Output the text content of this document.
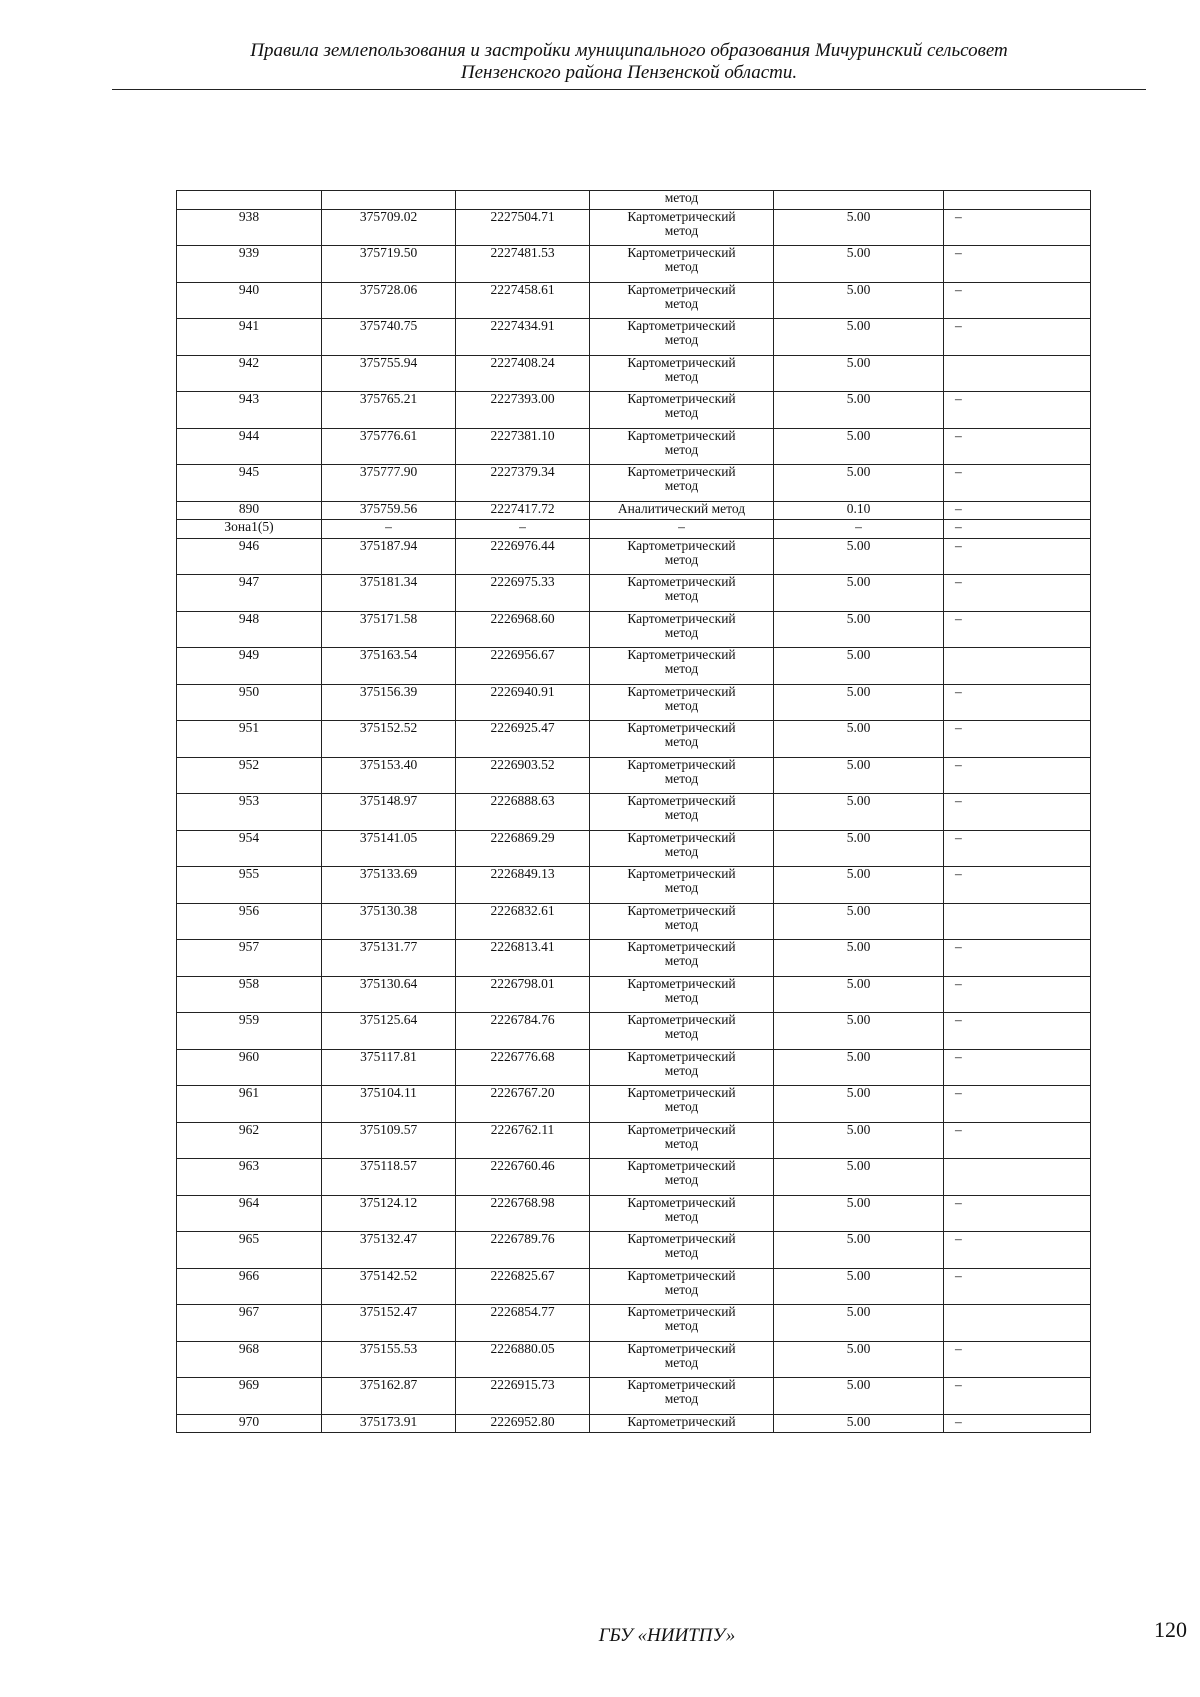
Правила землепользования и застройки муниципального образования Мичуринский сельсовет
Пензенского района Пензенской области.
			метод		

938	375709.02	2227504.71	Картометрический
метод	5.00	–

939	375719.50	2227481.53	Картометрический
метод	5.00	–

940	375728.06	2227458.61	Картометрический
метод	5.00	–

941	375740.75	2227434.91	Картометрический
метод	5.00	–

942	375755.94	2227408.24	Картометрический
метод	5.00	

943	375765.21	2227393.00	Картометрический
метод	5.00	–

944	375776.61	2227381.10	Картометрический
метод	5.00	–

945	375777.90	2227379.34	Картометрический
метод	5.00	–

890	375759.56	2227417.72	Аналитический метод	0.10	–

Зона1(5)	–	–	–	–	–

946	375187.94	2226976.44	Картометрический
метод	5.00	–

947	375181.34	2226975.33	Картометрический
метод	5.00	–

948	375171.58	2226968.60	Картометрический
метод	5.00	–

949	375163.54	2226956.67	Картометрический
метод	5.00	

950	375156.39	2226940.91	Картометрический
метод	5.00	–

951	375152.52	2226925.47	Картометрический
метод	5.00	–

952	375153.40	2226903.52	Картометрический
метод	5.00	–

953	375148.97	2226888.63	Картометрический
метод	5.00	–

954	375141.05	2226869.29	Картометрический
метод	5.00	–

955	375133.69	2226849.13	Картометрический
метод	5.00	–

956	375130.38	2226832.61	Картометрический
метод	5.00	

957	375131.77	2226813.41	Картометрический
метод	5.00	–

958	375130.64	2226798.01	Картометрический
метод	5.00	–

959	375125.64	2226784.76	Картометрический
метод	5.00	–

960	375117.81	2226776.68	Картометрический
метод	5.00	–

961	375104.11	2226767.20	Картометрический
метод	5.00	–

962	375109.57	2226762.11	Картометрический
метод	5.00	–

963	375118.57	2226760.46	Картометрический
метод	5.00	

964	375124.12	2226768.98	Картометрический
метод	5.00	–

965	375132.47	2226789.76	Картометрический
метод	5.00	–

966	375142.52	2226825.67	Картометрический
метод	5.00	–

967	375152.47	2226854.77	Картометрический
метод	5.00	

968	375155.53	2226880.05	Картометрический
метод	5.00	–

969	375162.87	2226915.73	Картометрический
метод	5.00	–

970	375173.91	2226952.80	Картометрический	5.00	–
ГБУ «НИИТПУ»	120
